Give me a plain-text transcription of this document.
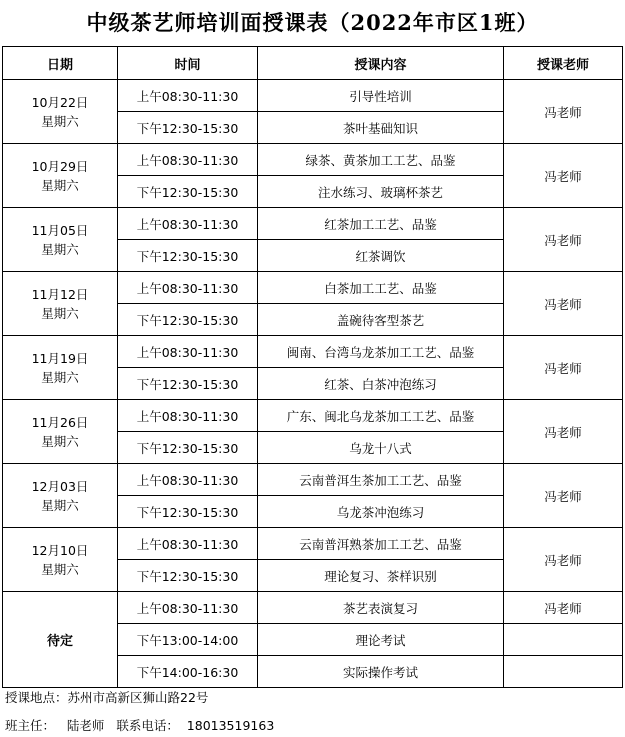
中级茶艺师培训面授课表（2022年市区1班）
日期	时间	授课内容	授课老师

10月22日
星期六	上午08:30-11:30	引导性培训	冯老师
	下午12:30-15:30	茶叶基础知识	

10月29日
星期六	上午08:30-11:30	绿茶、黄茶加工工艺、品鉴	冯老师
	下午12:30-15:30	注水练习、玻璃杯茶艺	

11月05日
星期六	上午08:30-11:30	红茶加工工艺、品鉴	冯老师
	下午12:30-15:30	红茶调饮	

11月12日
星期六	上午08:30-11:30	白茶加工工艺、品鉴	冯老师
	下午12:30-15:30	盖碗待客型茶艺	

11月19日
星期六	上午08:30-11:30	闽南、台湾乌龙茶加工工艺、品鉴	冯老师
	下午12:30-15:30	红茶、白茶冲泡练习	

11月26日
星期六	上午08:30-11:30	广东、闽北乌龙茶加工工艺、品鉴	冯老师
	下午12:30-15:30	乌龙十八式	

12月03日
星期六	上午08:30-11:30	云南普洱生茶加工工艺、品鉴	冯老师
	下午12:30-15:30	乌龙茶冲泡练习	

12月10日
星期六	上午08:30-11:30	云南普洱熟茶加工工艺、品鉴	冯老师
	下午12:30-15:30	理论复习、茶样识别	
待定	上午08:30-11:30	茶艺表演复习	冯老师
	下午13:00-14:00	理论考试	
	下午14:00-16:30	实际操作考试	
授课地点：苏州市高新区狮山路22号
班主任：   陆老师   联系电话：  18013519163
